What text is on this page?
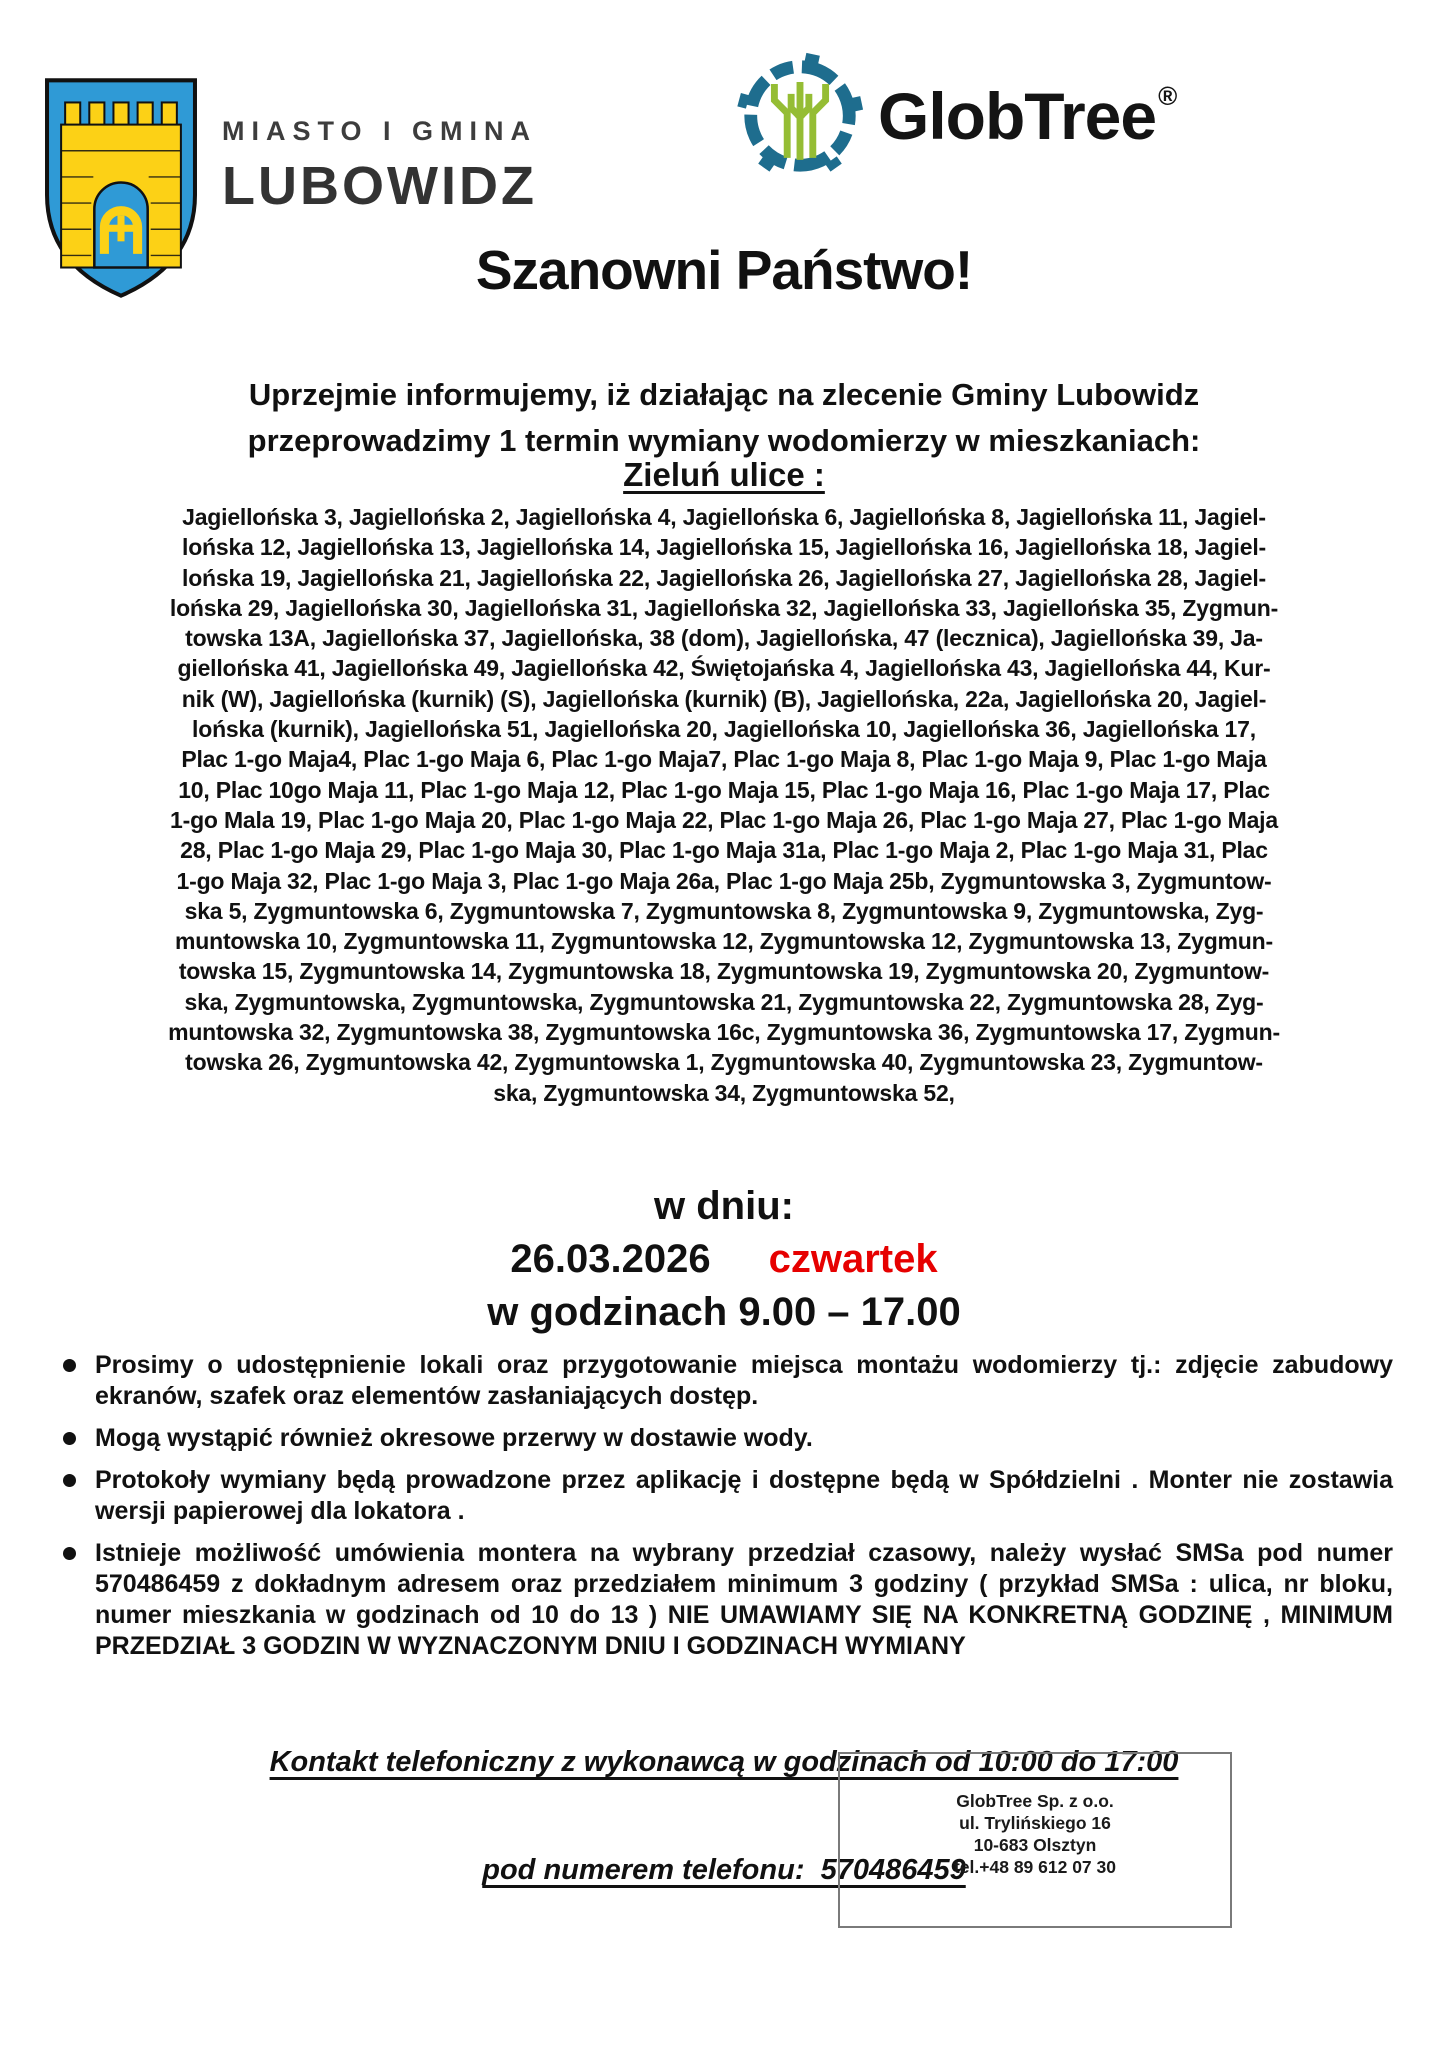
MIASTO I GMINA
LUBOWIDZ
GlobTree®
Szanowni Państwo!
Uprzejmie informujemy, iż działając na zlecenie Gminy Lubowidz
przeprowadzimy 1 termin wymiany wodomierzy w mieszkaniach:
Zieluń ulice :
Jagiellońska 3, Jagiellońska 2, Jagiellońska 4, Jagiellońska 6, Jagiellońska 8, Jagiellońska 11, Jagiel-
lońska 12, Jagiellońska 13, Jagiellońska 14, Jagiellońska 15, Jagiellońska 16, Jagiellońska 18, Jagiel-
lońska 19, Jagiellońska 21, Jagiellońska 22, Jagiellońska 26, Jagiellońska 27, Jagiellońska 28, Jagiel-
lońska 29, Jagiellońska 30, Jagiellońska 31, Jagiellońska 32, Jagiellońska 33, Jagiellońska 35, Zygmun-
towska 13A, Jagiellońska 37, Jagiellońska, 38 (dom), Jagiellońska, 47 (lecznica), Jagiellońska 39, Ja-
giellońska 41, Jagiellońska 49, Jagiellońska 42, Świętojańska 4, Jagiellońska 43, Jagiellońska 44, Kur-
nik (W), Jagiellońska (kurnik) (S), Jagiellońska (kurnik) (B), Jagiellońska, 22a, Jagiellońska 20, Jagiel-
lońska (kurnik), Jagiellońska 51, Jagiellońska 20, Jagiellońska 10, Jagiellońska 36, Jagiellońska 17,
Plac 1-go Maja4, Plac 1-go Maja 6, Plac 1-go Maja7, Plac 1-go Maja 8, Plac 1-go Maja 9, Plac 1-go Maja
10, Plac 10go Maja 11, Plac 1-go Maja 12, Plac 1-go Maja 15, Plac 1-go Maja 16, Plac 1-go Maja 17, Plac
1-go Mala 19, Plac 1-go Maja 20, Plac 1-go Maja 22, Plac 1-go Maja 26, Plac 1-go Maja 27, Plac 1-go Maja
28, Plac 1-go Maja 29, Plac 1-go Maja 30, Plac 1-go Maja 31a, Plac 1-go Maja 2, Plac 1-go Maja 31, Plac
1-go Maja 32, Plac 1-go Maja 3, Plac 1-go Maja 26a, Plac 1-go Maja 25b, Zygmuntowska 3, Zygmuntow-
ska 5, Zygmuntowska 6, Zygmuntowska 7, Zygmuntowska 8, Zygmuntowska 9, Zygmuntowska, Zyg-
muntowska 10, Zygmuntowska 11, Zygmuntowska 12, Zygmuntowska 12, Zygmuntowska 13, Zygmun-
towska 15, Zygmuntowska 14, Zygmuntowska 18, Zygmuntowska 19, Zygmuntowska 20, Zygmuntow-
ska, Zygmuntowska, Zygmuntowska, Zygmuntowska 21, Zygmuntowska 22, Zygmuntowska 28, Zyg-
muntowska 32, Zygmuntowska 38, Zygmuntowska 16c, Zygmuntowska 36, Zygmuntowska 17, Zygmun-
towska 26, Zygmuntowska 42, Zygmuntowska 1, Zygmuntowska 40, Zygmuntowska 23, Zygmuntow-
ska, Zygmuntowska 34, Zygmuntowska 52,
w dniu:
26.03.2026 czwartek
w godzinach 9.00 – 17.00
Prosimy o udostępnienie lokali oraz przygotowanie miejsca montażu wodomierzy tj.: zdjęcie zabudowy ekranów, szafek oraz elementów zasłaniających dostęp.
Mogą wystąpić również okresowe przerwy w dostawie wody.
Protokoły wymiany będą prowadzone przez aplikację i dostępne będą w Spółdzielni . Monter nie zostawia wersji papierowej dla lokatora .
Istnieje możliwość umówienia montera na wybrany przedział czasowy, należy wysłać SMSa pod numer 570486459 z dokładnym adresem oraz przedziałem minimum 3 godziny ( przykład SMSa : ulica, nr bloku, numer mieszkania w godzinach od 10 do 13 ) NIE UMAWIAMY SIĘ NA KONKRETNĄ GODZINĘ , MINIMUM PRZEDZIAŁ 3 GODZIN W WYZNACZONYM DNIU I GODZINACH WYMIANY

Kontakt telefoniczny z wykonawcą w godzinach od 10:00 do 17:00

pod numerem telefonu:  570486459

GlobTree Sp. z o.o.
ul. Trylińskiego 16
10-683 Olsztyn
tel.+48 89 612 07 30
